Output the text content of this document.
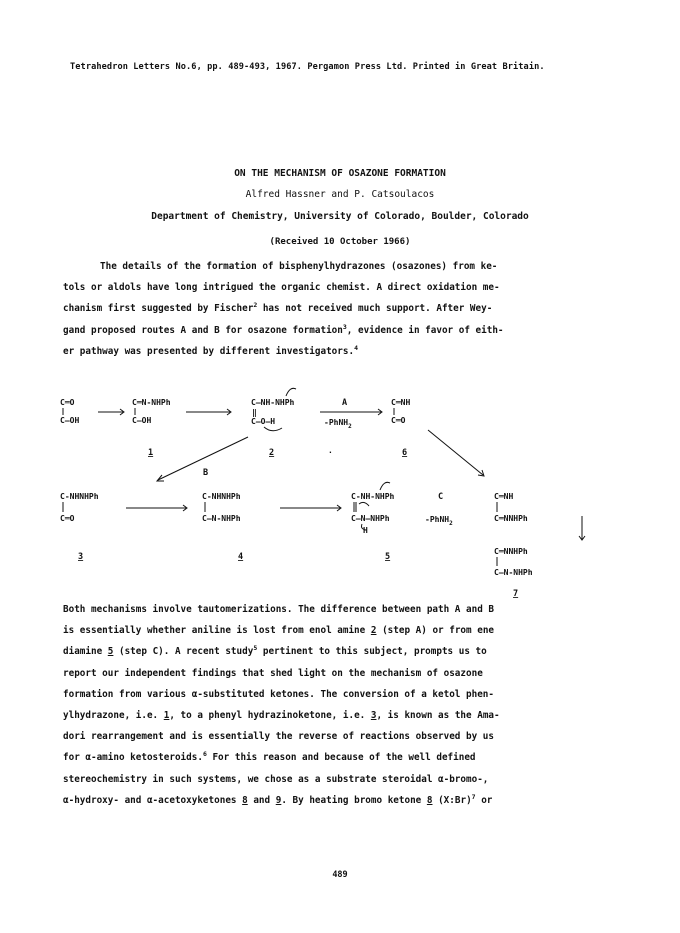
Tetrahedron Letters No.6, pp. 489-493, 1967. Pergamon Press Ltd. Printed in Great Britain.
ON THE MECHANISM OF OSAZONE FORMATION
Alfred Hassner and P. Catsoulacos
Department of Chemistry, University of Colorado, Boulder, Colorado
(Received 10 October 1966)
The details of the formation of bisphenylhydrazones (osazones) from ke-
tols or aldols have long intrigued the organic chemist. A direct oxidation me-
chanism first suggested by Fischer$^2$ has not received much support. After Wey-
gand proposed routes A and B for osazone formation$^3$, evidence in favor of eith-
er pathway was presented by different investigators.$^4$
C═O
C—OH
C═N-NHPh
C—OH
1
C—NH-NHPh
‖
C—O—H
2
A
-PhNH$_2$
·
C═NH
C═O
6
B
C-NHNHPh
C═O
3
C-NHNHPh
C—N-NHPh
4
C-NH-NHPh
C—N—NHPh
H
5
C
-PhNH$_2$
C═NH
C═NNHPh
C═NNHPh
C—N-NHPh
7
Both mechanisms involve tautomerizations. The difference between path A and B
is essentially whether aniline is lost from enol amine 2 (step A) or from ene
diamine 5 (step C). A recent study$^5$ pertinent to this subject, prompts us to
report our independent findings that shed light on the mechanism of osazone
formation from various α-substituted ketones. The conversion of a ketol phen-
ylhydrazone, i.e. 1, to a phenyl hydrazinoketone, i.e. 3, is known as the Ama-
dori rearrangement and is essentially the reverse of reactions observed by us
for α-amino ketosteroids.$^6$ For this reason and because of the well defined
stereochemistry in such systems, we chose as a substrate steroidal α-bromo-,
α-hydroxy- and α-acetoxyketones 8 and 9. By heating bromo ketone 8 (X:Br)$^7$ or
489
